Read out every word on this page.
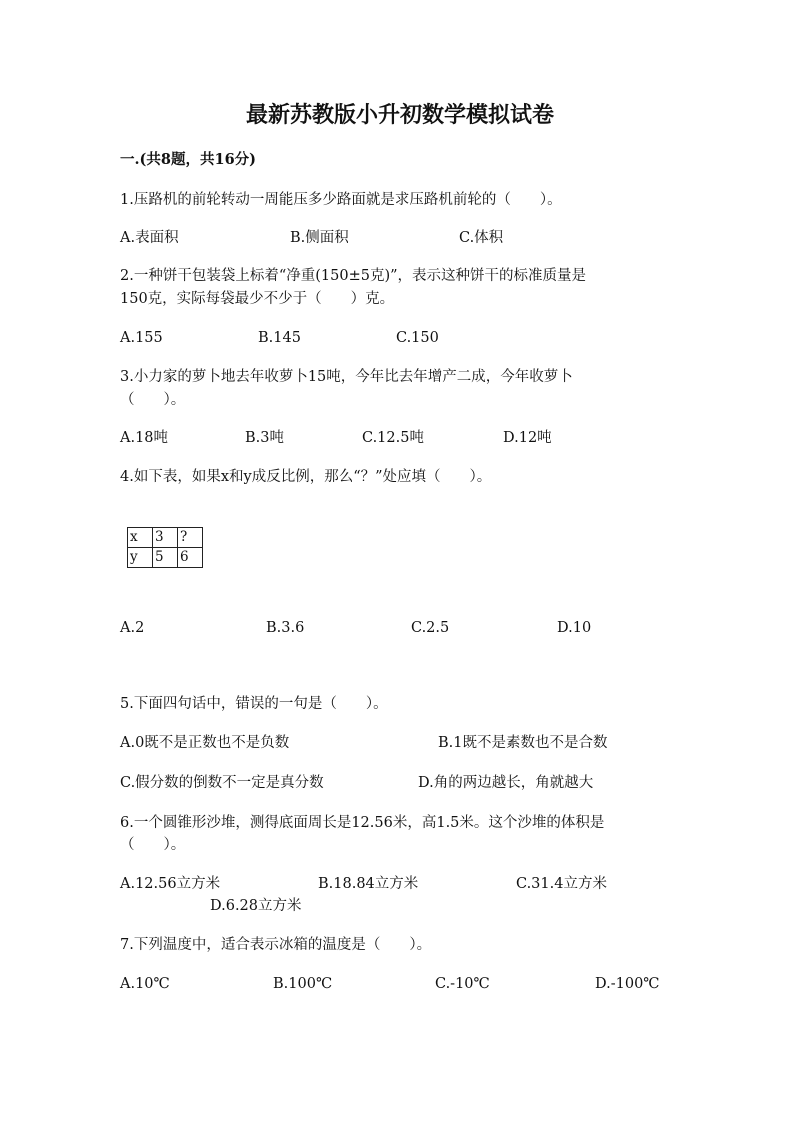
最新苏教版小升初数学模拟试卷
一.(共8题，共16分)
1.压路机的前轮转动一周能压多少路面就是求压路机前轮的（　　）。
A.表面积	B.侧面积	C.体积
2.一种饼干包装袋上标着“净重(150±5克)”，表示这种饼干的标准质量是
150克，实际每袋最少不少于（　　）克。
A.155	B.145	C.150
3.小力家的萝卜地去年收萝卜15吨，今年比去年增产二成，今年收萝卜
（　　）。
A.18吨	B.3吨	C.12.5吨	D.12吨
4.如下表，如果x和y成反比例，那么“？”处应填（　　）。
x	3	?
y	5	6
A.2	B.3.6	C.2.5	D.10
5.下面四句话中，错误的一句是（　　）。
A.0既不是正数也不是负数	B.1既不是素数也不是合数
C.假分数的倒数不一定是真分数	D.角的两边越长，角就越大
6.一个圆锥形沙堆，测得底面周长是12.56米，高1.5米。这个沙堆的体积是
（　　）。
A.12.56立方米	B.18.84立方米	C.31.4立方米
D.6.28立方米
7.下列温度中，适合表示冰箱的温度是（　　）。
A.10℃	B.100℃	C.-10℃	D.-100℃
